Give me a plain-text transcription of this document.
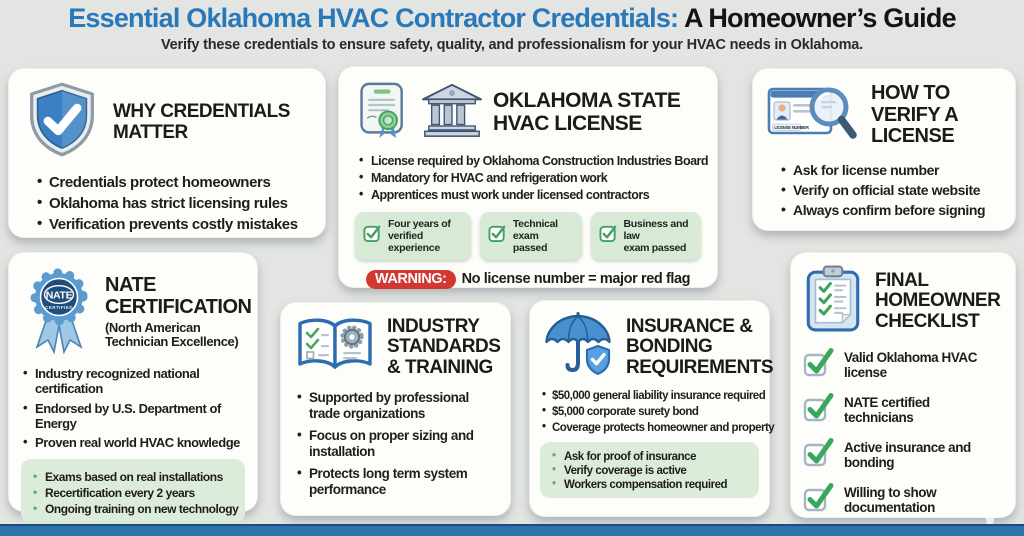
Essential Oklahoma HVAC Contractor Credentials: A Homeowner’s Guide
Verify these credentials to ensure safety, quality, and professionalism for your HVAC needs in Oklahoma.
WHY CREDENTIALS MATTER
• Credentials protect homeowners
• Oklahoma has strict licensing rules
• Verification prevents costly mistakes
OKLAHOMA STATE HVAC LICENSE
• License required by Oklahoma Construction Industries Board
• Mandatory for HVAC and refrigeration work
• Apprentices must work under licensed contractors
Four years of
verified experience
Technical exam
passed
Business and law
exam passed
WARNING: No license number = major red flag
LICENSE NUMBER
HOW TO VERIFY A LICENSE
• Ask for license number
• Verify on official state website
• Always confirm before signing
NATE
CERTIFIED
NATE CERTIFICATION
(North American Technician Excellence)
• Industry recognized national certification
• Endorsed by U.S. Department of Energy
• Proven real world HVAC knowledge
• Exams based on real installations
• Recertification every 2 years
• Ongoing training on new technology
INDUSTRY STANDARDS & TRAINING
• Supported by professional trade organizations
• Focus on proper sizing and installation
• Protects long term system performance
INSURANCE & BONDING REQUIREMENTS
• $50,000 general liability insurance required
• $5,000 corporate surety bond
• Coverage protects homeowner and property
• Ask for proof of insurance
• Verify coverage is active
• Workers compensation required
FINAL HOMEOWNER CHECKLIST
Valid Oklahoma HVAC license
NATE certified technicians
Active insurance and bonding
Willing to show documentation
